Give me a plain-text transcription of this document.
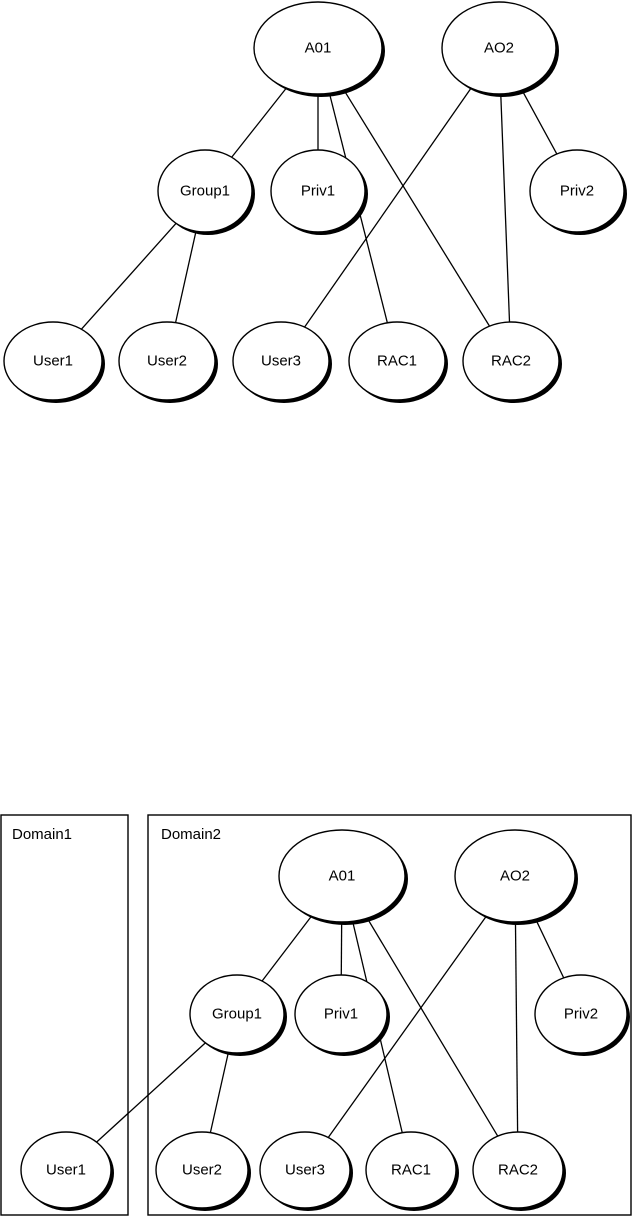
Domain1	Domain2
A01	AO2
Group1	Priv1	Priv2
User1	User2	User3	RAC1	RAC2
A01	AO2
Group1	Priv1	Priv2
User1	User2	User3	RAC1	RAC2
